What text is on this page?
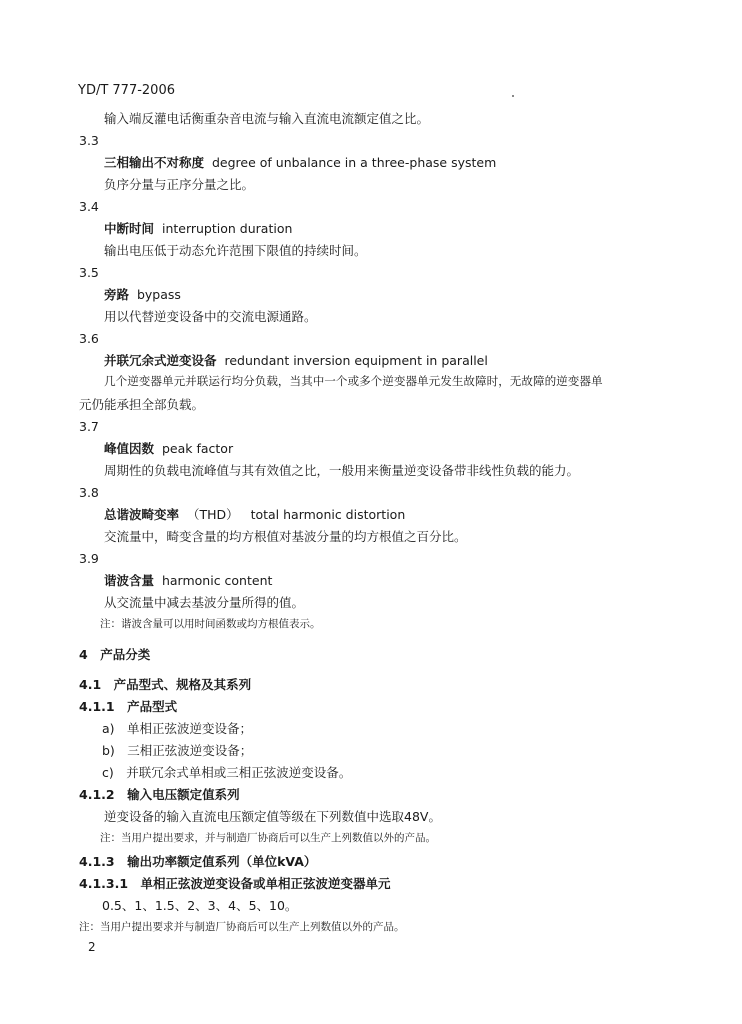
YD/T 777-2006
输入端反灌电话衡重杂音电流与输入直流电流额定值之比。
3.3
三相输出不对称度 degree of unbalance in a three-phase system
负序分量与正序分量之比。
3.4
中断时间 interruption duration
输出电压低于动态允许范围下限值的持续时间。
3.5
旁路 bypass
用以代替逆变设备中的交流电源通路。
3.6
并联冗余式逆变设备 redundant inversion equipment in parallel
几个逆变器单元并联运行均分负载，当其中一个或多个逆变器单元发生故障时，无故障的逆变器单
元仍能承担全部负载。
3.7
峰值因数 peak factor
周期性的负载电流峰值与其有效值之比，一般用来衡量逆变设备带非线性负载的能力。
3.8
总谐波畸变率 （THD） total harmonic distortion
交流量中，畸变含量的均方根值对基波分量的均方根值之百分比。
3.9
谐波含量 harmonic content
从交流量中减去基波分量所得的值。
注：谐波含量可以用时间函数或均方根值表示。
4　产品分类
4.1　产品型式、规格及其系列
4.1.1　产品型式
a)　单相正弦波逆变设备；
b)　三相正弦波逆变设备；
c)　并联冗余式单相或三相正弦波逆变设备。
4.1.2　输入电压额定值系列
逆变设备的输入直流电压额定值等级在下列数值中选取48V。
注：当用户提出要求，并与制造厂协商后可以生产上列数值以外的产品。
4.1.3　输出功率额定值系列（单位kVA）
4.1.3.1　单相正弦波逆变设备或单相正弦波逆变器单元
0.5、1、1.5、2、3、4、5、10。
注：当用户提出要求并与制造厂协商后可以生产上列数值以外的产品。
2
